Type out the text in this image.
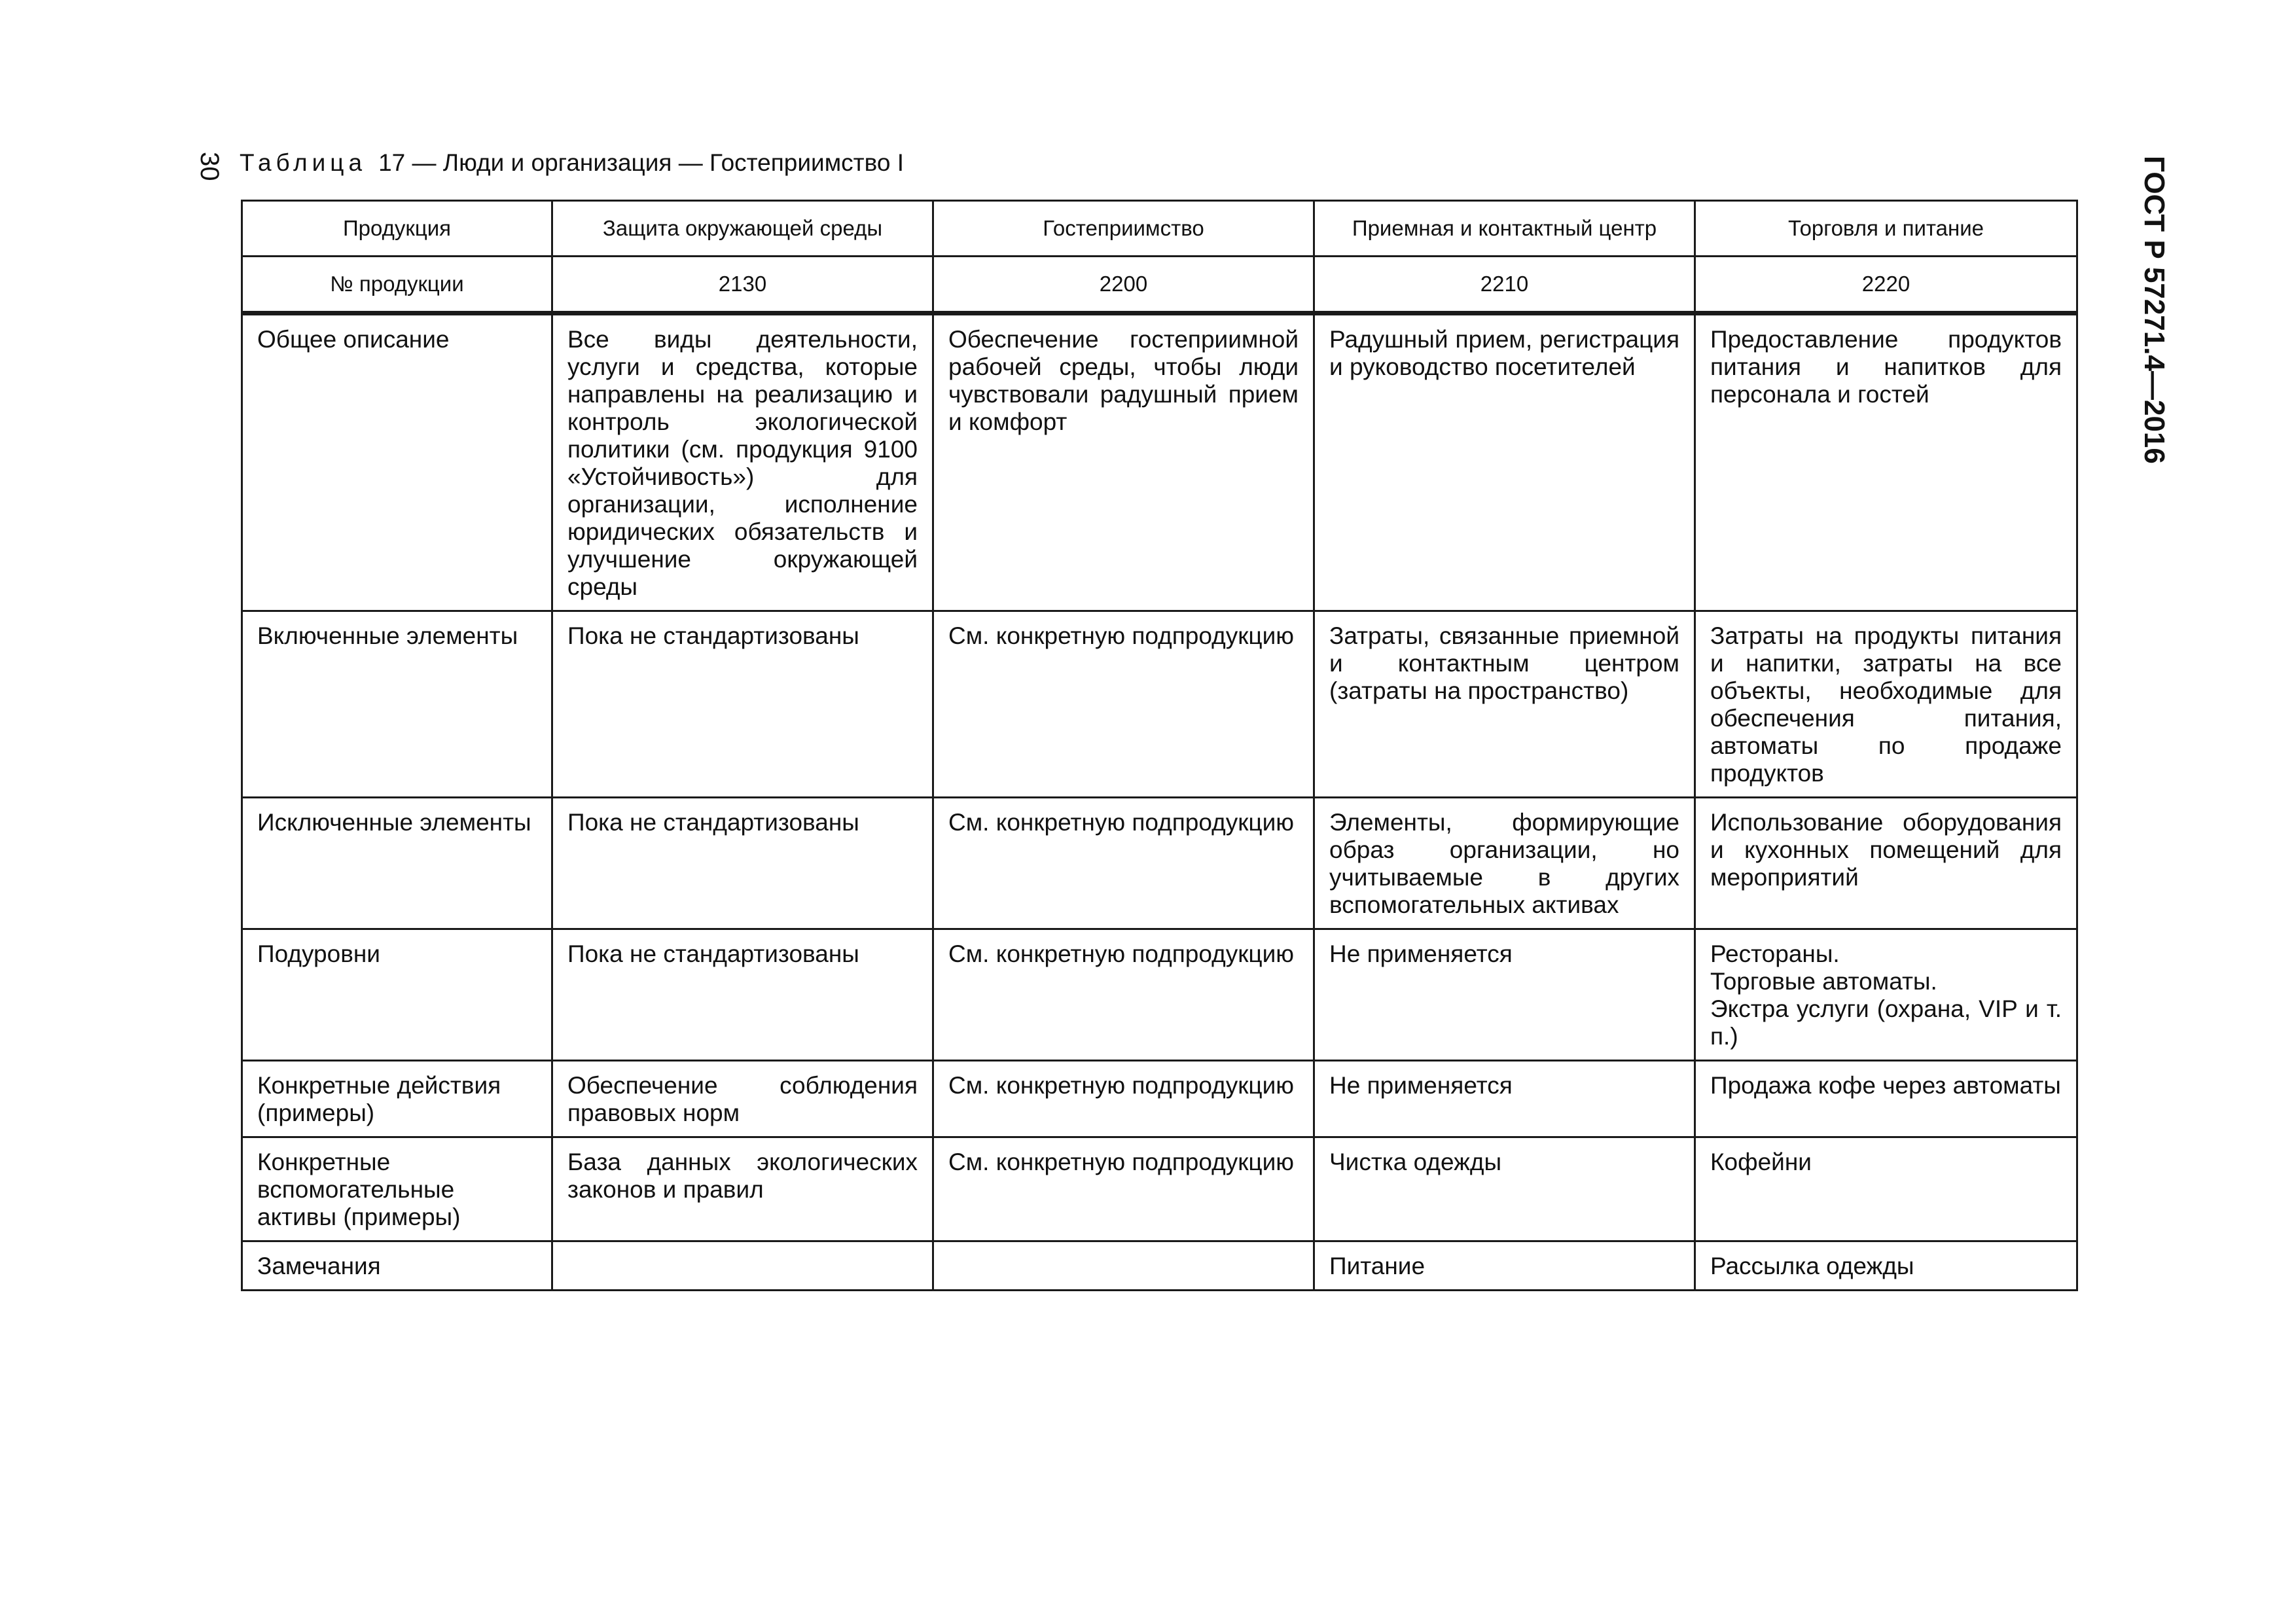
30 Таблица 17 — Люди и организация — Гостеприимство I	ГОСТ Р 57271.4—2016
Продукция	Защита окружающей среды	Гостеприимство	Приемная и контактный центр	Торговля и питание
№ продукции	2130	2200	2210	2220
Общее описание	Все виды деятельности, услуги и средства, которые направлены на реализацию и контроль экологической политики (см. продукция 9100 «Устойчивость») для организации, исполнение юридических обязательств и улучшение окружающей среды	Обеспечение гостеприимной рабочей среды, чтобы люди чувствовали радушный прием и комфорт	Радушный прием, регистрация и руководство посетителей	Предоставление продуктов питания и напитков для персонала и гостей
Включенные элементы	Пока не стандартизованы	См. конкретную подпродукцию	Затраты, связанные приемной и контактным центром (затраты на пространство)	Затраты на продукты питания и напитки, затраты на все объекты, необходимые для обеспечения питания, автоматы по продаже продуктов
Исключенные элементы	Пока не стандартизованы	См. конкретную подпродукцию	Элементы, формирующие образ организации, но учитываемые в других вспомогательных активах	Использование оборудования и кухонных помещений для мероприятий
Подуровни	Пока не стандартизованы	См. конкретную подпродукцию	Не применяется	Рестораны.
Торговые автоматы.
Экстра услуги (охрана, VIP и т. п.)

Конкретные действия (примеры)	Обеспечение соблюдения правовых норм	См. конкретную подпродукцию	Не применяется	Продажа кофе через автоматы
Конкретные вспомогательные активы (примеры)	База данных экологических законов и правил	См. конкретную подпродукцию	Чистка одежды	Кофейни
Замечания			Питание	Рассылка одежды
